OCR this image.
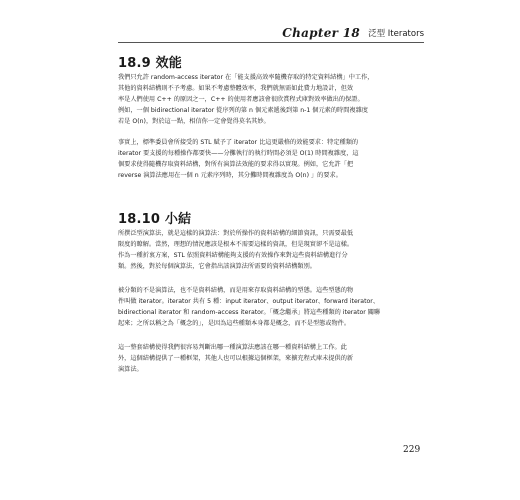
Chapter 18 泛型 Iterators
18.9 效能
我們只允許 random-access iterator 在「能支援高效率隨機存取的特定資料結構」中工作，
其他的資料結構則不予考慮。如果不考慮整體效率，我們就無需如此費力地設計，但效
率是人們使用 C++ 的原因之一，C++ 的使用者應該會很欣賞程式庫對效率做出的保證。
例如，一個 bidirectional iterator 從序列的第 n 個元素遞後到第 n-1 個元素的時間複雜度
若是 O(n)，對於這一點，相信你一定會覺得莫名其妙。
事實上，標準委員會所接受的 STL 賦予了 iterator 比這更嚴格的效能要求：特定種類的
iterator 要支援的每種操作都要快——分攤執行的執行時間必須是 O(1) 時間複雜度，這
個要求使得隨機存取資料結構，對所有演算法效能的要求得以實現。例如，它允許「把
reverse 演算法應用在一個 n 元素序列時，其分攤時間複雜度為 O(n) 」的要求。
18.10 小結
所撰泛型演算法，就是這樣的演算法：對於所操作的資料結構的細節資訊，只需要最低
限度的瞭解。當然，理想的情況應該是根本不需要這樣的資訊，但是現實卻不是這樣。
作為一種折衷方案，STL 依照資料結構能夠支援的有效操作來對這些資料結構進行分
類。然後，對於每個演算法，它會指出該演算法所需要的資料結構類別。
被分類的不是演算法，也不是資料結構，而是用來存取資料結構的型態。這些型態的物
件叫做 iterator。iterator 共有 5 種：input iterator、output iterator、forward iterator、
bidirectional iterator 和 random-access iterator。「概念繼承」將這些種類的 iterator 關聯
起來；之所以稱之為「概念的」，是因為這些種類本身都是概念，而不是型態或物件。
這一整套結構使得我們很容易判斷出哪一種演算法應該在哪一種資料結構上工作。此
外，這個結構提供了一種框架，其他人也可以根據這個框架，來擴充程式庫未提供的新
演算法。
229
